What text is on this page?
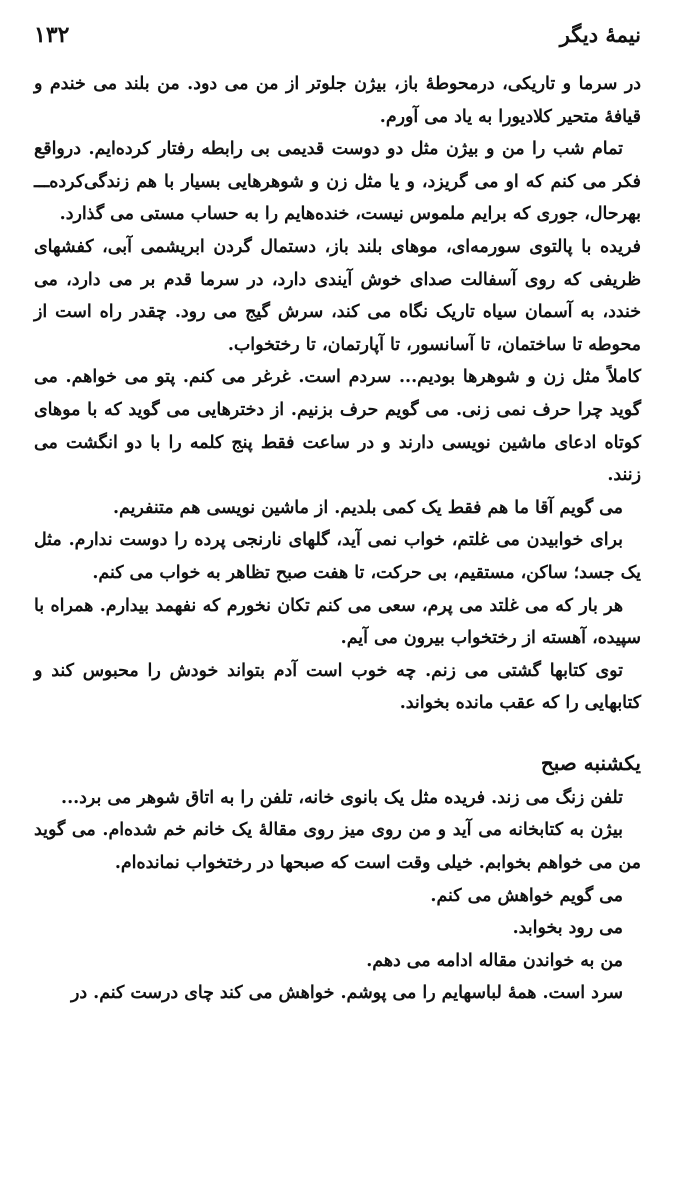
نیمهٔ دیگر
۱۳۲

در سرما و تاریکی، درمحوطهٔ باز، بیژن جلوتر از من می دود. من بلند می خندم و قیافهٔ متحیر کلادیورا به یاد می آورم.

تمام شب را من و بیژن مثل دو دوست قدیمی بی رابطه رفتار کرده‌ایم. درواقع فکر می کنم که او می گریزد، و یا مثل زن و شوهرهایی بسیار با هم زندگی‌کرده‌ـــ بهرحال، جوری که برایم ملموس نیست، خنده‌هایم را به حساب مستی می گذارد.

فریده با پالتوی سورمه‌ای، موهای بلند باز، دستمال گردن ابریشمی آبی، کفشهای ظریفی که روی آسفالت صدای خوش آیندی دارد، در سرما قدم بر می دارد، می خندد، به آسمان سیاه تاریک نگاه می کند، سرش گیج می رود. چقدر راه است از محوطه تا ساختمان، تا آسانسور، تا آپارتمان، تا رختخواب.

کاملاً مثل زن و شوهرها بودیم... سردم است. غرغر می کنم. پتو می خواهم. می گوید چرا حرف نمی زنی. می گویم حرف بزنیم. از دخترهایی می گوید که با موهای کوتاه ادعای ماشین نویسی دارند و در ساعت فقط پنج کلمه را با دو انگشت می زنند.

می گویم آقا ما هم فقط یک کمی بلدیم. از ماشین نویسی هم متنفریم.

برای خوابیدن می غلتم، خواب نمی آید، گلهای نارنجی پرده را دوست ندارم. مثل یک جسد؛ ساکن، مستقیم، بی حرکت، تا هفت صبح تظاهر به خواب می کنم.

هر بار که می غلتد می پرم، سعی می کنم تکان نخورم که نفهمد بیدارم. همراه با سپیده، آهسته از رختخواب بیرون می آیم.

توی کتابها گشتی می زنم. چه خوب است آدم بتواند خودش را محبوس کند و کتابهایی را که عقب مانده بخواند.

یکشنبه صبح

تلفن زنگ می زند. فریده مثل یک بانوی خانه، تلفن را به اتاق شوهر می برد...

بیژن به کتابخانه می آید و من روی میز روی مقالهٔ یک خانم خم شده‌ام. می گوید من می خواهم بخوابم. خیلی وقت است که صبحها در رختخواب نمانده‌ام.

می گویم خواهش می کنم.

می رود بخوابد.

من به خواندن مقاله ادامه می دهم.

سرد است. همهٔ لباسهایم را می پوشم. خواهش می کند چای درست کنم. در
